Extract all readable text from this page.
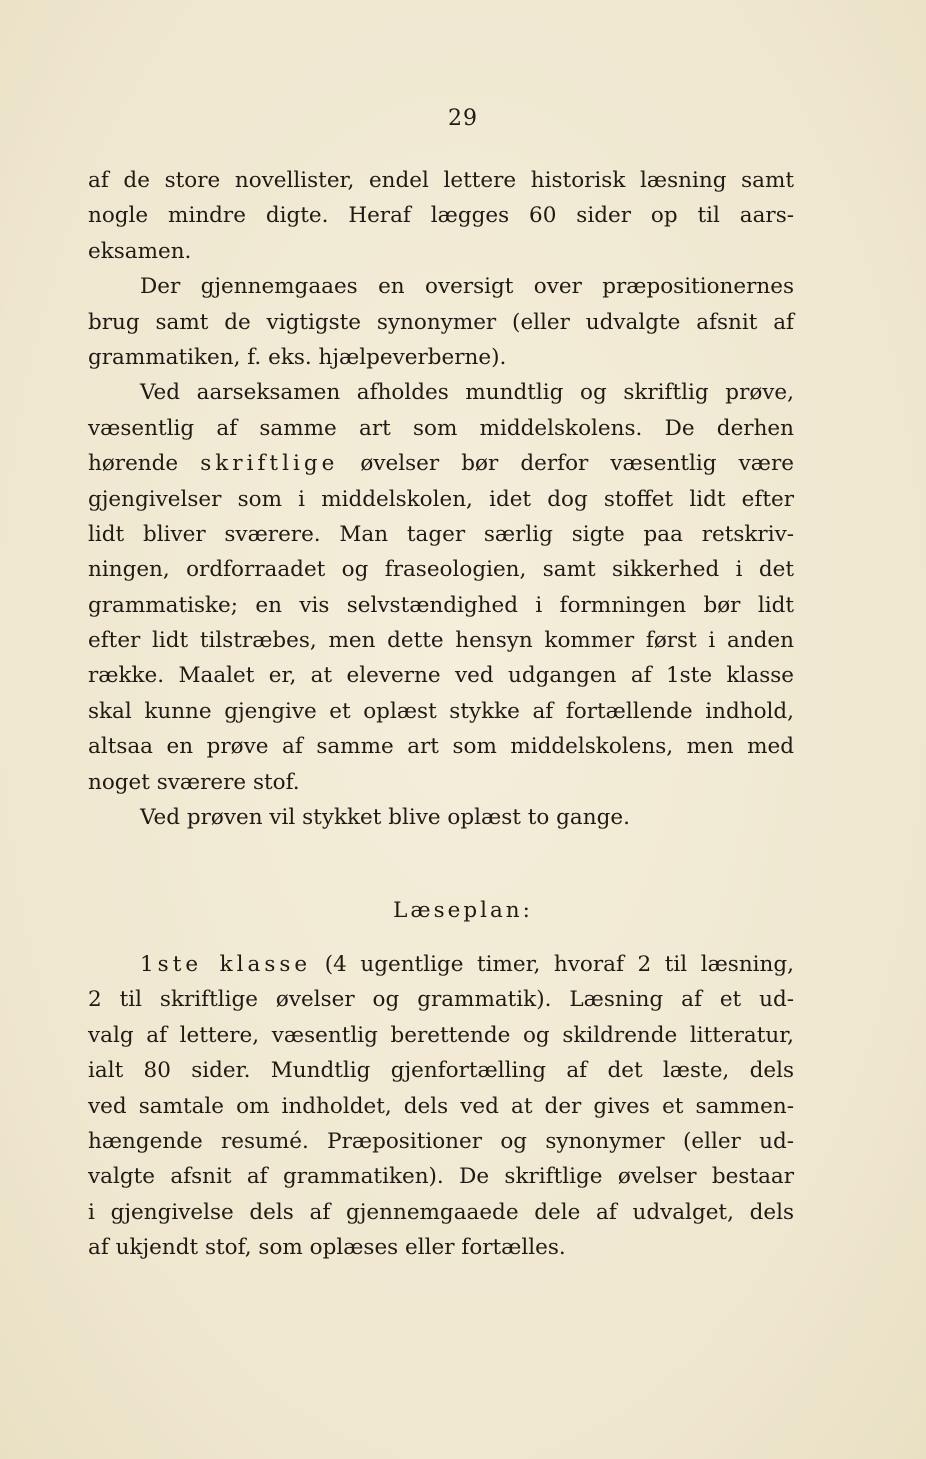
29
af de store novellister, endel lettere historisk læsning samt
nogle mindre digte. Heraf lægges 60 sider op til aars-
eksamen.
Der gjennemgaaes en oversigt over præpositionernes
brug samt de vigtigste synonymer (eller udvalgte afsnit af
grammatiken, f. eks. hjælpeverberne).
Ved aarseksamen afholdes mundtlig og skriftlig prøve,
væsentlig af samme art som middelskolens. De derhen
hørende skriftlige øvelser bør derfor væsentlig være
gjengivelser som i middelskolen, idet dog stoffet lidt efter
lidt bliver sværere. Man tager særlig sigte paa retskriv-
ningen, ordforraadet og fraseologien, samt sikkerhed i det
grammatiske; en vis selvstændighed i formningen bør lidt
efter lidt tilstræbes, men dette hensyn kommer først i anden
række. Maalet er, at eleverne ved udgangen af 1ste klasse
skal kunne gjengive et oplæst stykke af fortællende indhold,
altsaa en prøve af samme art som middelskolens, men med
noget sværere stof.
Ved prøven vil stykket blive oplæst to gange.
Læseplan:
1ste klasse (4 ugentlige timer, hvoraf 2 til læsning,
2 til skriftlige øvelser og grammatik). Læsning af et ud-
valg af lettere, væsentlig berettende og skildrende litteratur,
ialt 80 sider. Mundtlig gjenfortælling af det læste, dels
ved samtale om indholdet, dels ved at der gives et sammen-
hængende resumé. Præpositioner og synonymer (eller ud-
valgte afsnit af grammatiken). De skriftlige øvelser bestaar
i gjengivelse dels af gjennemgaaede dele af udvalget, dels
af ukjendt stof, som oplæses eller fortælles.
